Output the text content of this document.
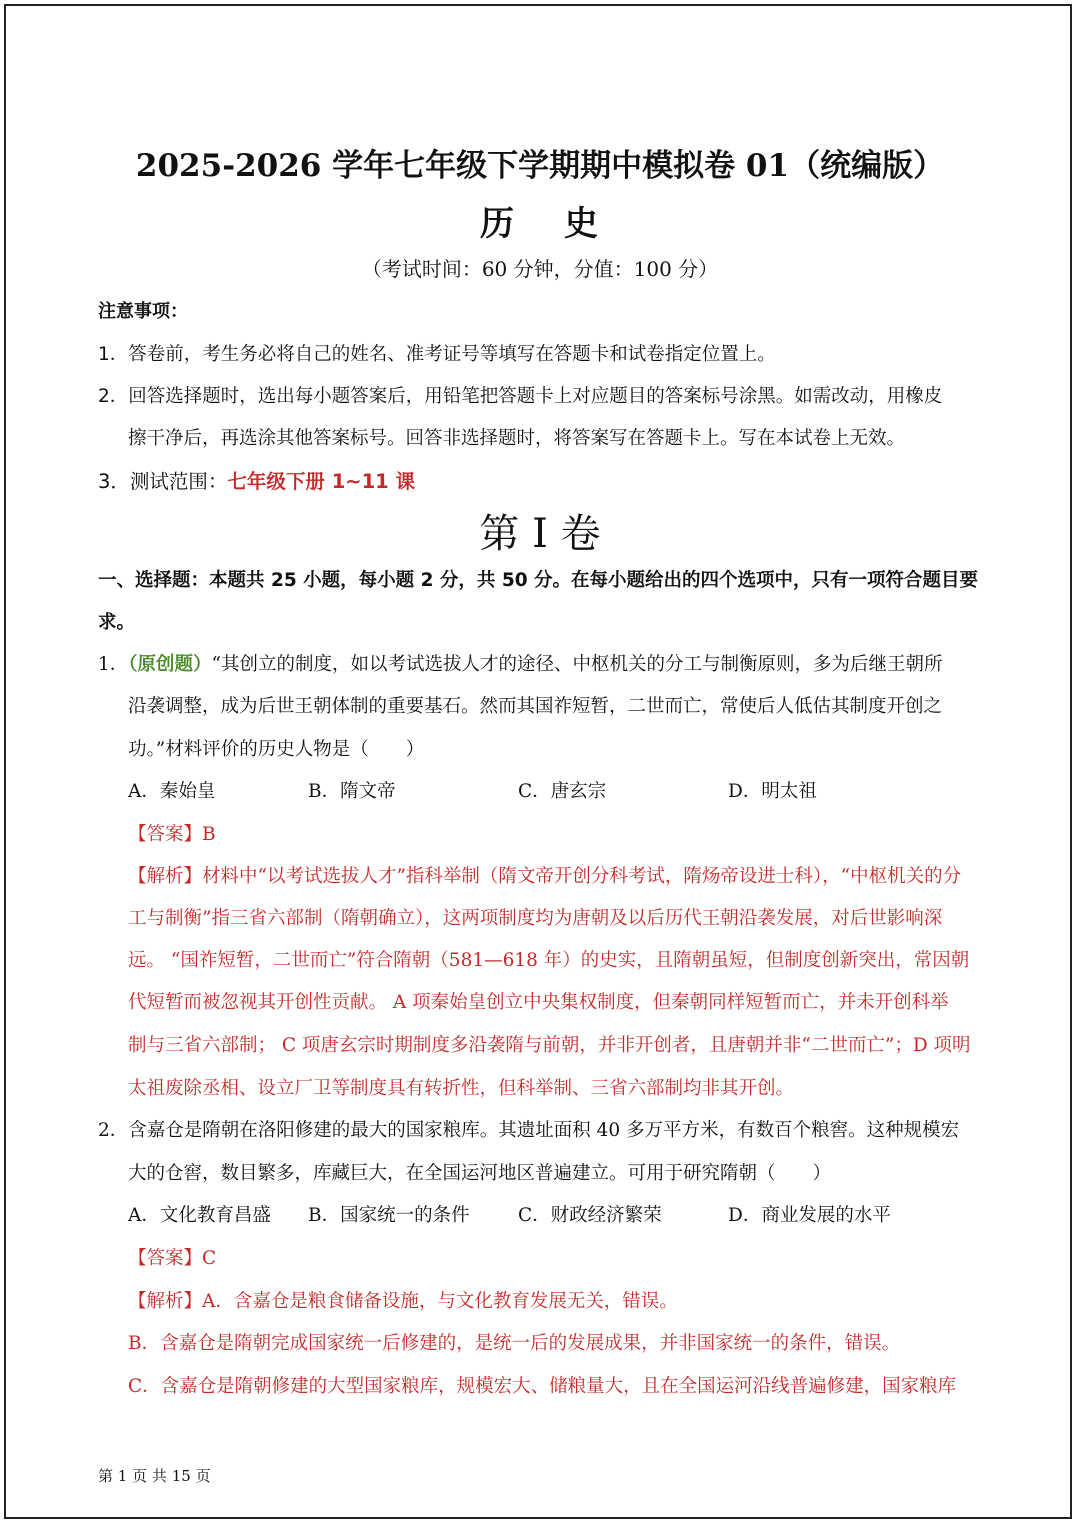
2025-2026 学年七年级下学期期中模拟卷 01（统编版）
历 史
（考试时间：60 分钟，分值：100 分）
注意事项：
1．答卷前，考生务必将自己的姓名、准考证号等填写在答题卡和试卷指定位置上。
2．回答选择题时，选出每小题答案后，用铅笔把答题卡上对应题目的答案标号涂黑。如需改动，用橡皮
擦干净后，再选涂其他答案标号。回答非选择题时，将答案写在答题卡上。写在本试卷上无效。
3．测试范围：七年级下册 1~11 课
第 I 卷
一、选择题：本题共 25 小题，每小题 2 分，共 50 分。在每小题给出的四个选项中，只有一项符合题目要
求。
1．（原创题）“其创立的制度，如以考试选拔人才的途径、中枢机关的分工与制衡原则，多为后继王朝所
沿袭调整，成为后世王朝体制的重要基石。然而其国祚短暂，二世而亡，常使后人低估其制度开创之
功。”材料评价的历史人物是（　　）
A．秦始皇	B．隋文帝	C．唐玄宗	D．明太祖
【答案】B
【解析】材料中“以考试选拔人才”指科举制（隋文帝开创分科考试，隋炀帝设进士科），“中枢机关的分
工与制衡”指三省六部制（隋朝确立），这两项制度均为唐朝及以后历代王朝沿袭发展，对后世影响深
远。 “国祚短暂，二世而亡”符合隋朝（581—618 年）的史实，且隋朝虽短，但制度创新突出，常因朝
代短暂而被忽视其开创性贡献。 A 项秦始皇创立中央集权制度，但秦朝同样短暂而亡，并未开创科举
制与三省六部制； C 项唐玄宗时期制度多沿袭隋与前朝，并非开创者，且唐朝并非“二世而亡”；D 项明
太祖废除丞相、设立厂卫等制度具有转折性，但科举制、三省六部制均非其开创。
2．含嘉仓是隋朝在洛阳修建的最大的国家粮库。其遗址面积 40 多万平方米，有数百个粮窖。这种规模宏
大的仓窖，数目繁多，库藏巨大，在全国运河地区普遍建立。可用于研究隋朝（　　）
A．文化教育昌盛 B．国家统一的条件	C．财政经济繁荣	D．商业发展的水平
【答案】C
【解析】A．含嘉仓是粮食储备设施，与文化教育发展无关，错误。
B．含嘉仓是隋朝完成国家统一后修建的，是统一后的发展成果，并非国家统一的条件，错误。
C．含嘉仓是隋朝修建的大型国家粮库，规模宏大、储粮量大，且在全国运河沿线普遍修建，国家粮库
第 1 页 共 15 页
